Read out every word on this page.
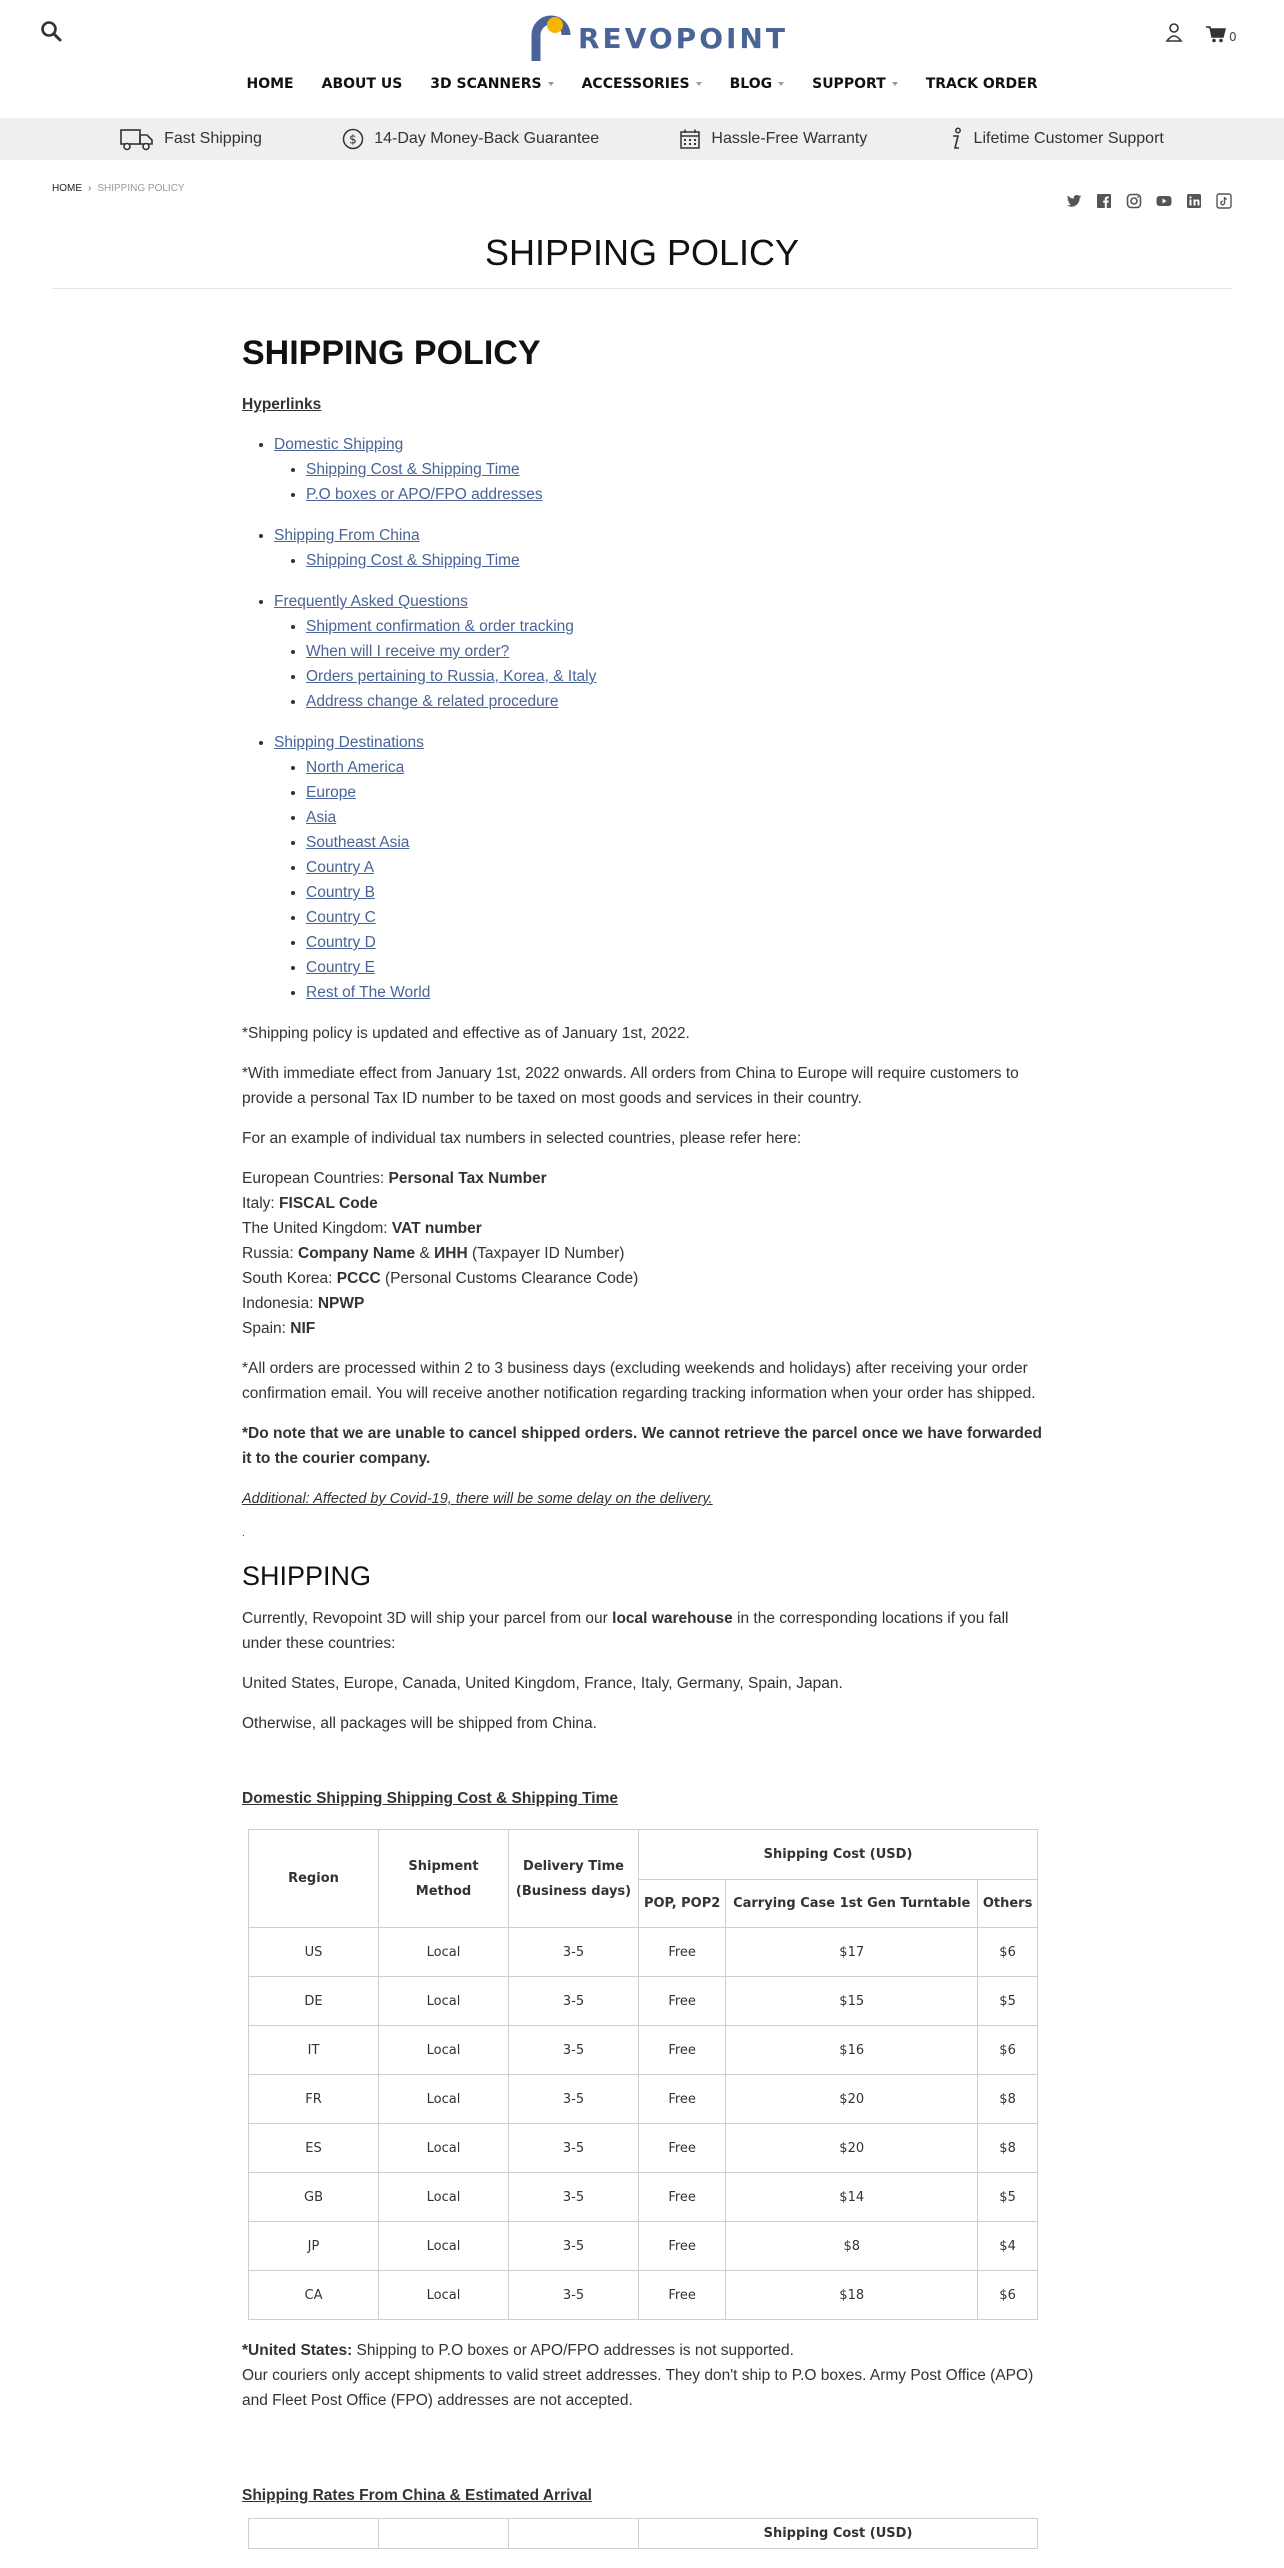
REVOPOINT	0
HOME ABOUT US 3D SCANNERS	ACCESSORIES	BLOG	SUPPORT	TRACK ORDER
Fast Shipping	$ 14-Day Money-Back Guarantee	Hassle-Free Warranty	Lifetime Customer Support
HOME › SHIPPING POLICY
SHIPPING POLICY
SHIPPING POLICY

Hyperlinks

• Domestic Shipping
• Shipping Cost & Shipping Time
• P.O boxes or APO/FPO addresses
• Shipping From China
• Shipping Cost & Shipping Time
• Frequently Asked Questions
• Shipment confirmation & order tracking
• When will I receive my order?
• Orders pertaining to Russia, Korea, & Italy
• Address change & related procedure
• Shipping Destinations
• North America
• Europe
• Asia
• Southeast Asia
• Country A
• Country B
• Country C
• Country D
• Country E
• Rest of The World

*Shipping policy is updated and effective as of January 1st, 2022.

*With immediate effect from January 1st, 2022 onwards. All orders from China to Europe will require customers to provide a personal Tax ID number to be taxed on most goods and services in their country.

For an example of individual tax numbers in selected countries, please refer here:

European Countries: Personal Tax Number

Italy: FISCAL Code

The United Kingdom: VAT number

Russia: Company Name & ИНН (Taxpayer ID Number)

South Korea: PCCC (Personal Customs Clearance Code)

Indonesia: NPWP

Spain: NIF

*All orders are processed within 2 to 3 business days (excluding weekends and holidays) after receiving your order confirmation email. You will receive another notification regarding tracking information when your order has shipped.

*Do note that we are unable to cancel shipped orders. We cannot retrieve the parcel once we have forwarded it to the courier company.

Additional: Affected by Covid-19, there will be some delay on the delivery.

.

SHIPPING

Currently, Revopoint 3D will ship your parcel from our local warehouse in the corresponding locations if you fall under these countries:

United States, Europe, Canada, United Kingdom, France, Italy, Germany, Spain, Japan.

Otherwise, all packages will be shipped from China.

Domestic Shipping Shipping Cost & Shipping Time

Region	Shipment Method	Delivery Time (Business days)	Shipping Cost (USD)		
			POP, POP2	Carrying Case 1st Gen Turntable	Others
US	Local	3-5	Free	$17	$6
DE	Local	3-5	Free	$15	$5
IT	Local	3-5	Free	$16	$6
FR	Local	3-5	Free	$20	$8
ES	Local	3-5	Free	$20	$8
GB	Local	3-5	Free	$14	$5
JP	Local	3-5	Free	$8	$4
CA	Local	3-5	Free	$18	$6

*United States: Shipping to P.O boxes or APO/FPO addresses is not supported.

Our couriers only accept shipments to valid street addresses. They don't ship to P.O boxes. Army Post Office (APO) and Fleet Post Office (FPO) addresses are not accepted.

Shipping Rates From China & Estimated Arrival

			Shipping Cost (USD)
